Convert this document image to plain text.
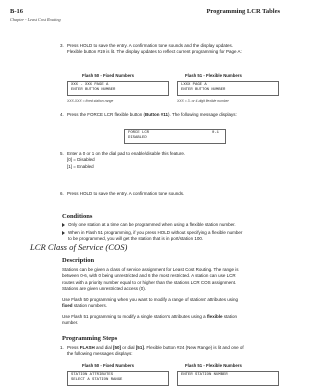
B-16	Programming LCR Tables
Chapter - Least Cost Routing
3. Press HOLD to save the entry. A confirmation tone sounds and the display updates.
Flexible button #19 is lit. The display updates to reflect current programming for Page A:
Flash 50 - Fixed Numbers
XXX - XXX PAGE A
ENTER BUTTON NUMBER
XXX-XXX = fixed station range
Flash 51 - Flexible Numbers
LXXX PAGE A
ENTER BUTTON NUMBER
XXX = 3- or 4-digit flexible number
4. Press the FORCE LCR flexible button (Button #11). The following message displays:
FORCE LCR	0-1
DISABLED
5. Enter a 0 or 1 on the dial pad to enable/disable this feature.
[0] = Disabled
[1] = Enabled
6. Press HOLD to save the entry. A confirmation tone sounds.
Conditions
Only one station at a time can be programmed when using a flexible station number.
When in Flash 51 programming, if you press HOLD without specifying a flexible number
to be programmed, you will get the station that is in port/station 100.
LCR Class of Service (COS)
Description
Stations can be given a class of service assignment for Least Cost Routing. The range is
between 0-6, with 0 being unrestricted and 6 the most restricted. A station can use LCR
routes with a priority number equal to or higher than the stations LCR COS assignment.
Stations are given unrestricted access (0).
Use Flash 50 programming when you want to modify a range of stations' attributes using
fixed station numbers.
Use Flash 51 programming to modify a single station's attributes using a flexible station
number.
Programming Steps
1. Press FLASH and dial [50] or dial [51]. Flexible button #24 (New Range) is lit and one of
the following messages displays:
Flash 50 - Fixed Numbers
STATION ATTRIBUTES
SELECT A STATION RANGE
Flash 51 - Flexible Numbers
ENTER STATION NUMBER
